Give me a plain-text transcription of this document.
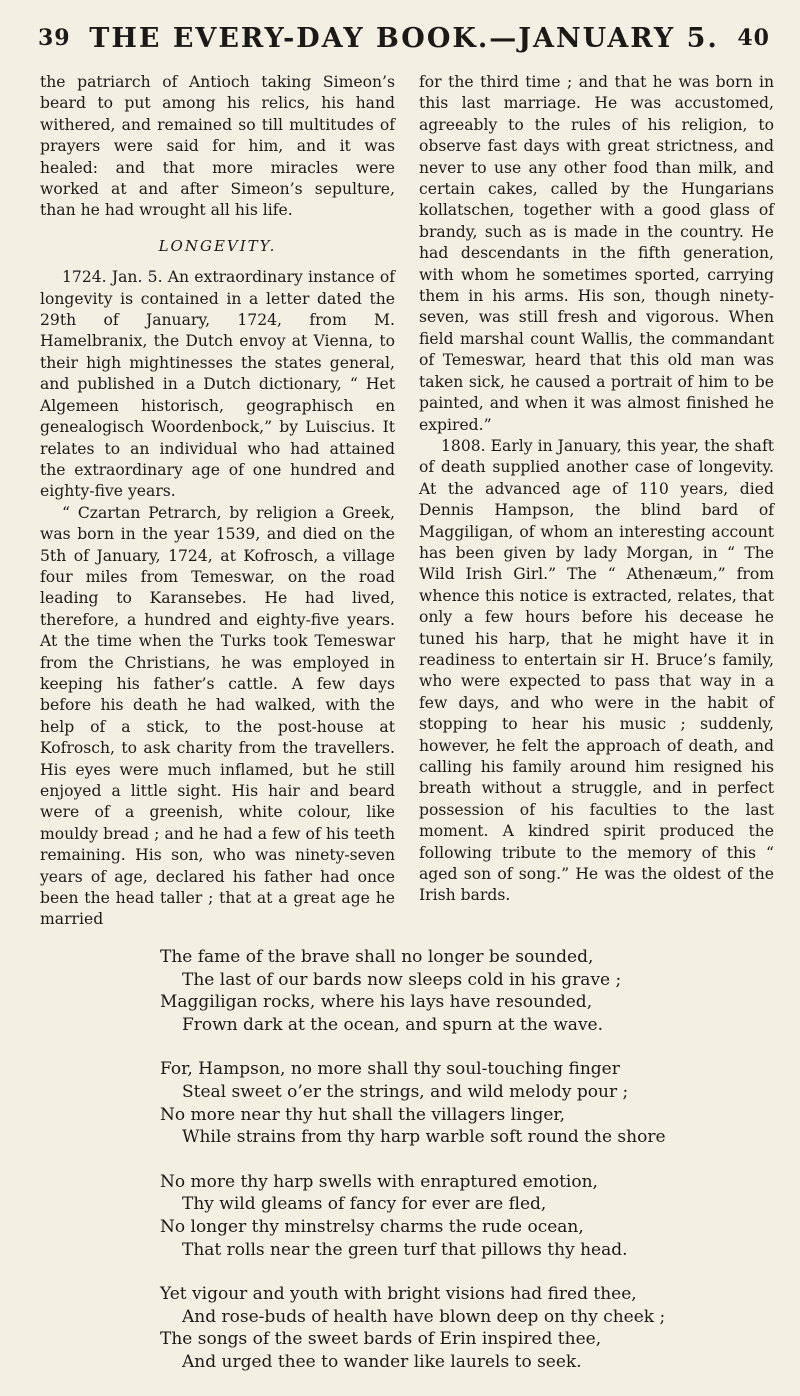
39 THE EVERY-DAY BOOK.—JANUARY 5. 40

the patriarch of Antioch taking Simeon’s beard to put among his relics, his hand withered, and remained so till multitudes of prayers were said for him, and it was healed: and that more miracles were worked at and after Simeon’s sepulture, than he had wrought all his life.

LONGEVITY.

1724. Jan. 5. An extraordinary instance of longevity is contained in a letter dated the 29th of January, 1724, from M. Hamelbranix, the Dutch envoy at Vienna, to their high mightinesses the states general, and published in a Dutch dictionary, “ Het Algemeen historisch, geographisch en genealogisch Woordenbock,” by Luiscius. It relates to an individual who had attained the extraordinary age of one hundred and eighty-five years.

“ Czartan Petrarch, by religion a Greek, was born in the year 1539, and died on the 5th of January, 1724, at Kofrosch, a village four miles from Temeswar, on the road leading to Karansebes. He had lived, therefore, a hundred and eighty-five years. At the time when the Turks took Temeswar from the Christians, he was employed in keeping his father’s cattle. A few days before his death he had walked, with the help of a stick, to the post-house at Kofrosch, to ask charity from the travellers. His eyes were much inflamed, but he still enjoyed a little sight. His hair and beard were of a greenish, white colour, like mouldy bread ; and he had a few of his teeth remaining. His son, who was ninety-seven years of age, declared his father had once been the head taller ; that at a great age he married

for the third time ; and that he was born in this last marriage. He was accustomed, agreeably to the rules of his religion, to observe fast days with great strictness, and never to use any other food than milk, and certain cakes, called by the Hungarians kollatschen, together with a good glass of brandy, such as is made in the country. He had descendants in the fifth generation, with whom he sometimes sported, carrying them in his arms. His son, though ninety-seven, was still fresh and vigorous. When field marshal count Wallis, the commandant of Temeswar, heard that this old man was taken sick, he caused a portrait of him to be painted, and when it was almost finished he expired.”

1808. Early in January, this year, the shaft of death supplied another case of longevity. At the advanced age of 110 years, died Dennis Hampson, the blind bard of Maggiligan, of whom an interesting account has been given by lady Morgan, in “ The Wild Irish Girl.” The “ Athenæum,” from whence this notice is extracted, relates, that only a few hours before his decease he tuned his harp, that he might have it in readiness to entertain sir H. Bruce’s family, who were expected to pass that way in a few days, and who were in the habit of stopping to hear his music ; suddenly, however, he felt the approach of death, and calling his family around him resigned his breath without a struggle, and in perfect possession of his faculties to the last moment. A kindred spirit produced the following tribute to the memory of this “ aged son of song.” He was the oldest of the Irish bards.

The fame of the brave shall no longer be sounded,
The last of our bards now sleeps cold in his grave ;
Maggiligan rocks, where his lays have resounded,
Frown dark at the ocean, and spurn at the wave.
For, Hampson, no more shall thy soul-touching finger
Steal sweet o’er the strings, and wild melody pour ;
No more near thy hut shall the villagers linger,
While strains from thy harp warble soft round the shore
No more thy harp swells with enraptured emotion,
Thy wild gleams of fancy for ever are fled,
No longer thy minstrelsy charms the rude ocean,
That rolls near the green turf that pillows thy head.
Yet vigour and youth with bright visions had fired thee,
And rose-buds of health have blown deep on thy cheek ;
The songs of the sweet bards of Erin inspired thee,
And urged thee to wander like laurels to seek.
